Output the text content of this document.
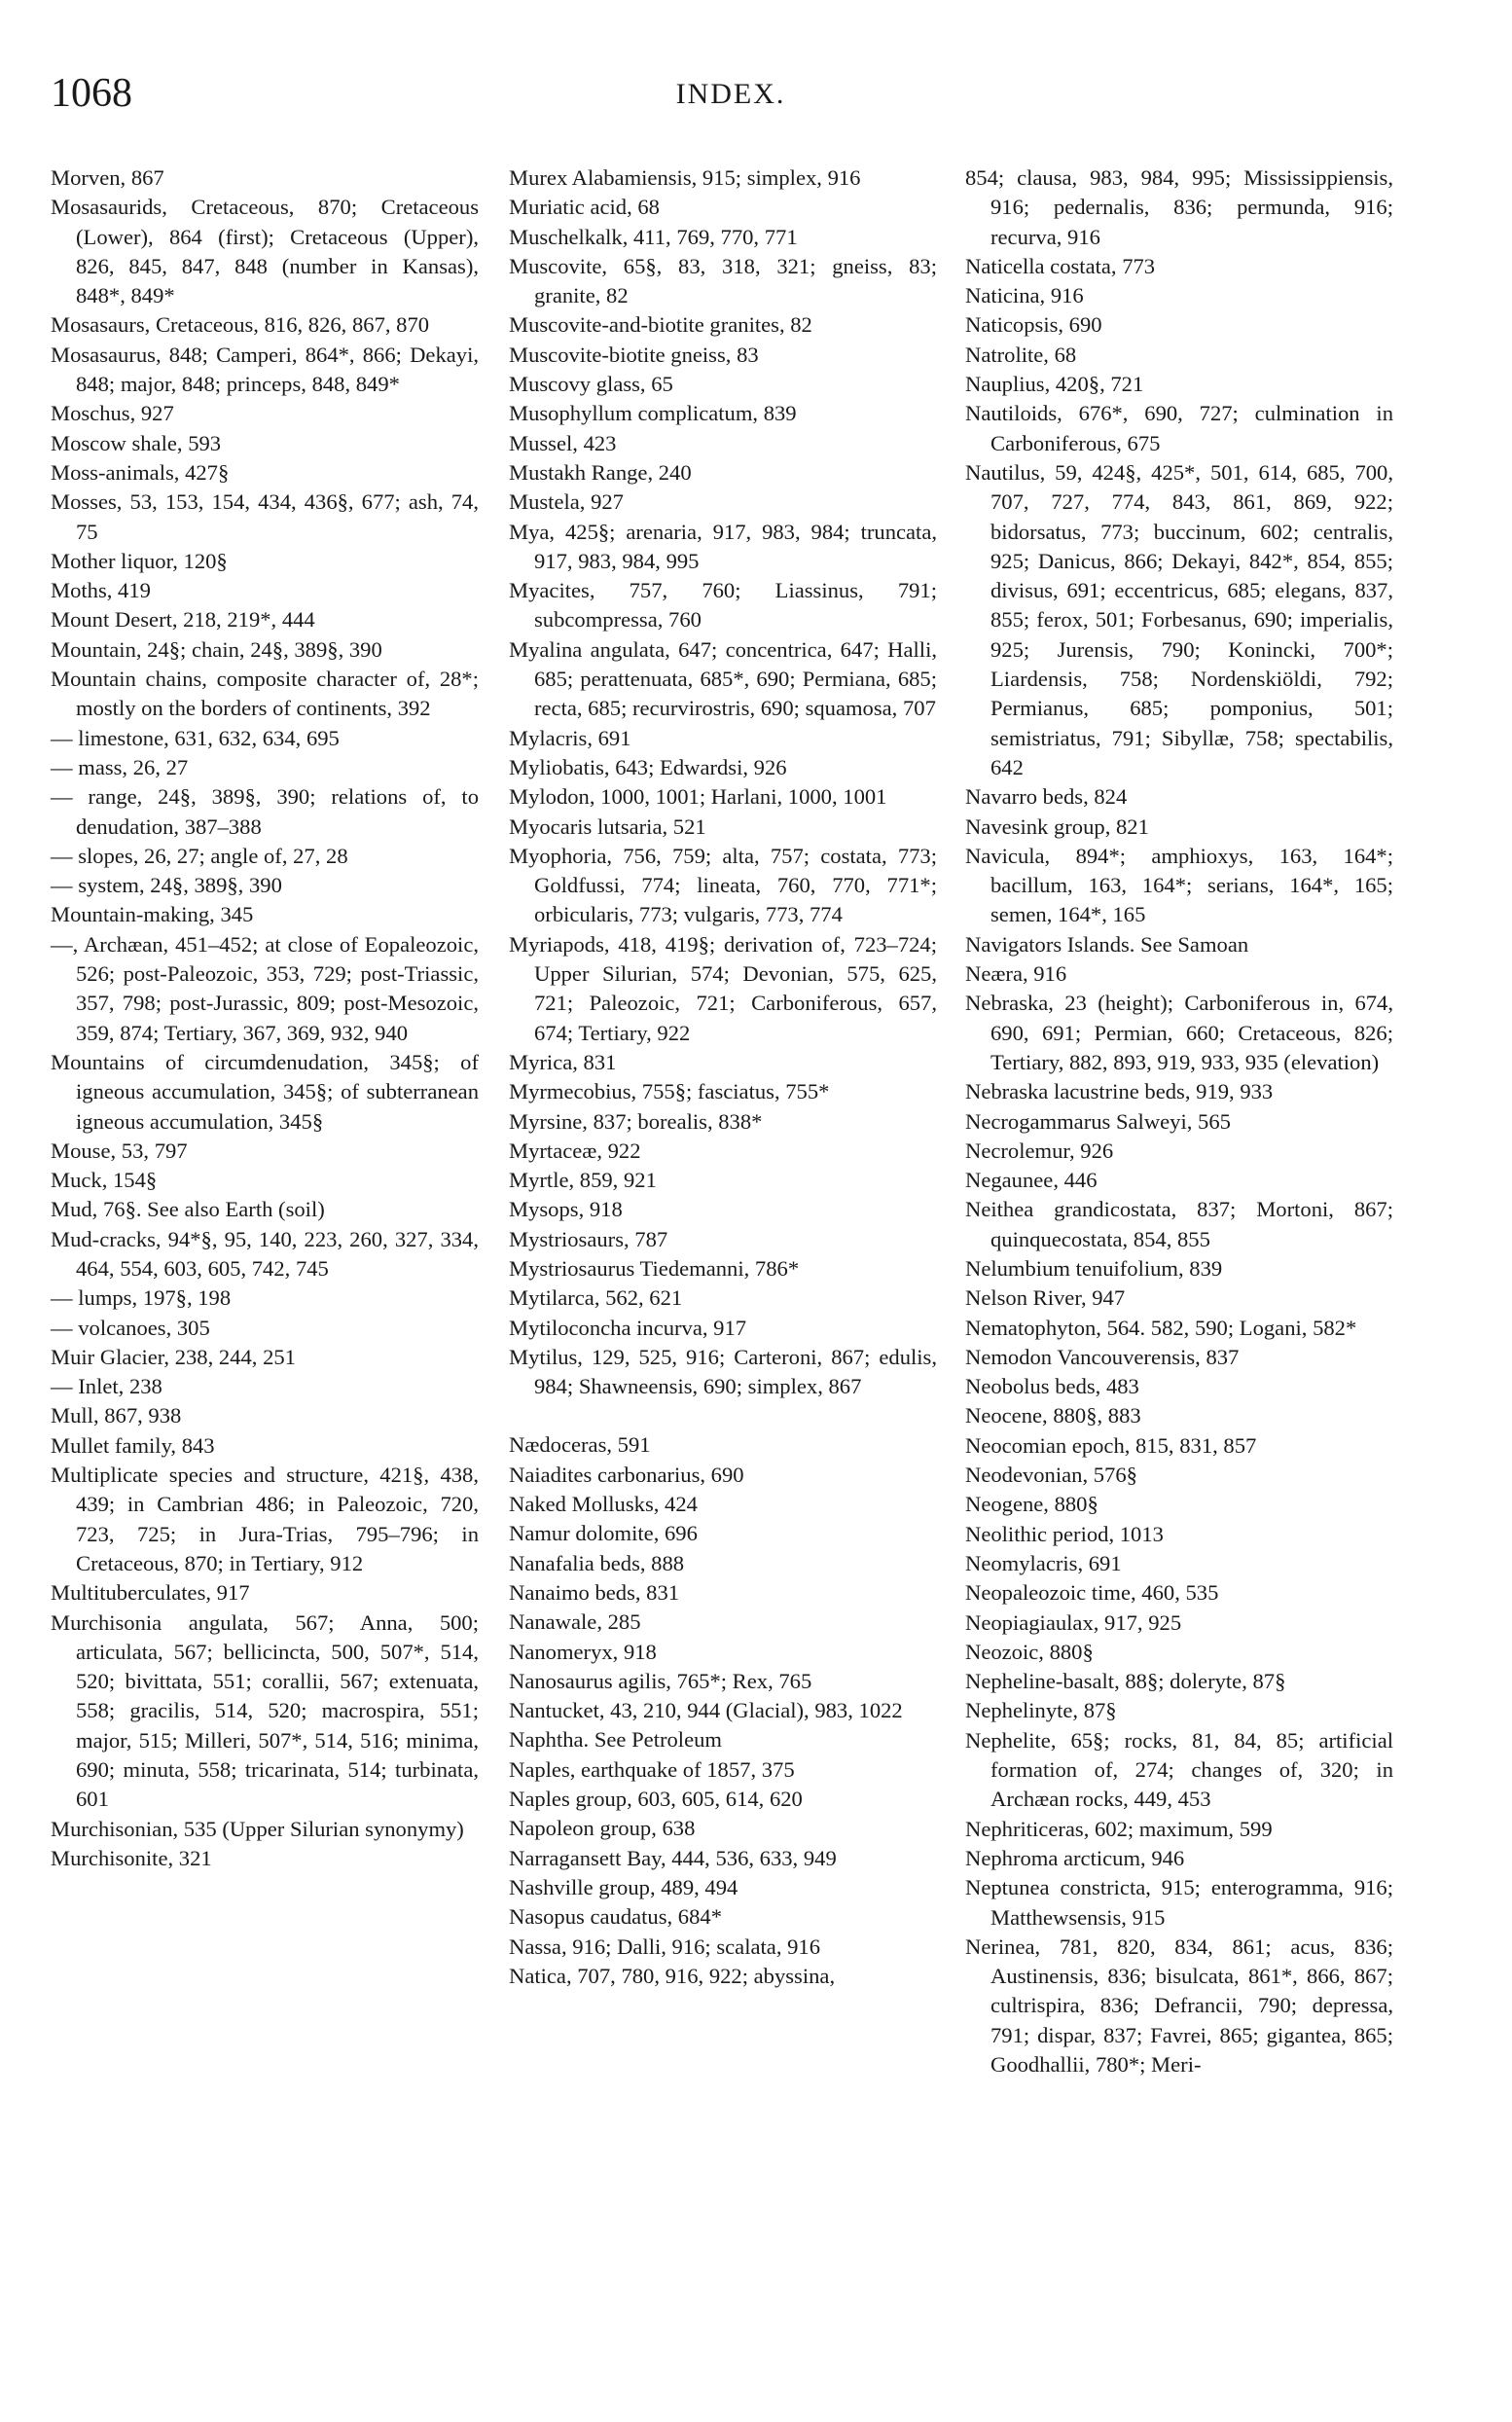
1068	INDEX.
Morven, 867
Mosasaurids, Cretaceous, 870; Cretaceous (Lower), 864 (first); Cretaceous (Upper), 826, 845, 847, 848 (number in Kansas), 848*, 849*
Mosasaurs, Cretaceous, 816, 826, 867, 870
Mosasaurus, 848; Camperi, 864*, 866; Dekayi, 848; major, 848; princeps, 848, 849*
Moschus, 927
Moscow shale, 593
Moss-animals, 427§
Mosses, 53, 153, 154, 434, 436§, 677; ash, 74, 75
Mother liquor, 120§
Moths, 419
Mount Desert, 218, 219*, 444
Mountain, 24§; chain, 24§, 389§, 390
Mountain chains, composite character of, 28*; mostly on the borders of continents, 392
— limestone, 631, 632, 634, 695
— mass, 26, 27
— range, 24§, 389§, 390; relations of, to denudation, 387–388
— slopes, 26, 27; angle of, 27, 28
— system, 24§, 389§, 390
Mountain-making, 345
—, Archæan, 451–452; at close of Eopaleozoic, 526; post-Paleozoic, 353, 729; post-Triassic, 357, 798; post-Jurassic, 809; post-Mesozoic, 359, 874; Tertiary, 367, 369, 932, 940
Mountains of circumdenudation, 345§; of igneous accumulation, 345§; of subterranean igneous accumulation, 345§
Mouse, 53, 797
Muck, 154§
Mud, 76§. See also Earth (soil)
Mud-cracks, 94*§, 95, 140, 223, 260, 327, 334, 464, 554, 603, 605, 742, 745
— lumps, 197§, 198
— volcanoes, 305
Muir Glacier, 238, 244, 251
— Inlet, 238
Mull, 867, 938
Mullet family, 843
Multiplicate species and structure, 421§, 438, 439; in Cambrian 486; in Paleozoic, 720, 723, 725; in Jura-Trias, 795–796; in Cretaceous, 870; in Tertiary, 912
Multituberculates, 917
Murchisonia angulata, 567; Anna, 500; articulata, 567; bellicincta, 500, 507*, 514, 520; bivittata, 551; corallii, 567; extenuata, 558; gracilis, 514, 520; macrospira, 551; major, 515; Milleri, 507*, 514, 516; minima, 690; minuta, 558; tricarinata, 514; turbinata, 601
Murchisonian, 535 (Upper Silurian synonymy)
Murchisonite, 321
Murex Alabamiensis, 915; simplex, 916
Muriatic acid, 68
Muschelkalk, 411, 769, 770, 771
Muscovite, 65§, 83, 318, 321; gneiss, 83; granite, 82
Muscovite-and-biotite granites, 82
Muscovite-biotite gneiss, 83
Muscovy glass, 65
Musophyllum complicatum, 839
Mussel, 423
Mustakh Range, 240
Mustela, 927
Mya, 425§; arenaria, 917, 983, 984; truncata, 917, 983, 984, 995
Myacites, 757, 760; Liassinus, 791; subcompressa, 760
Myalina angulata, 647; concentrica, 647; Halli, 685; perattenuata, 685*, 690; Permiana, 685; recta, 685; recurvirostris, 690; squamosa, 707
Mylacris, 691
Myliobatis, 643; Edwardsi, 926
Mylodon, 1000, 1001; Harlani, 1000, 1001
Myocaris lutsaria, 521
Myophoria, 756, 759; alta, 757; costata, 773; Goldfussi, 774; lineata, 760, 770, 771*; orbicularis, 773; vulgaris, 773, 774
Myriapods, 418, 419§; derivation of, 723–724; Upper Silurian, 574; Devonian, 575, 625, 721; Paleozoic, 721; Carboniferous, 657, 674; Tertiary, 922
Myrica, 831
Myrmecobius, 755§; fasciatus, 755*
Myrsine, 837; borealis, 838*
Myrtaceæ, 922
Myrtle, 859, 921
Mysops, 918
Mystriosaurs, 787
Mystriosaurus Tiedemanni, 786*
Mytilarca, 562, 621
Mytiloconcha incurva, 917
Mytilus, 129, 525, 916; Carteroni, 867; edulis, 984; Shawneensis, 690; simplex, 867
Nædoceras, 591
Naiadites carbonarius, 690
Naked Mollusks, 424
Namur dolomite, 696
Nanafalia beds, 888
Nanaimo beds, 831
Nanawale, 285
Nanomeryx, 918
Nanosaurus agilis, 765*; Rex, 765
Nantucket, 43, 210, 944 (Glacial), 983, 1022
Naphtha. See Petroleum
Naples, earthquake of 1857, 375
Naples group, 603, 605, 614, 620
Napoleon group, 638
Narragansett Bay, 444, 536, 633, 949
Nashville group, 489, 494
Nasopus caudatus, 684*
Nassa, 916; Dalli, 916; scalata, 916
Natica, 707, 780, 916, 922; abyssina,
854; clausa, 983, 984, 995; Mississippiensis, 916; pedernalis, 836; permunda, 916; recurva, 916
Naticella costata, 773
Naticina, 916
Naticopsis, 690
Natrolite, 68
Nauplius, 420§, 721
Nautiloids, 676*, 690, 727; culmination in Carboniferous, 675
Nautilus, 59, 424§, 425*, 501, 614, 685, 700, 707, 727, 774, 843, 861, 869, 922; bidorsatus, 773; buccinum, 602; centralis, 925; Danicus, 866; Dekayi, 842*, 854, 855; divisus, 691; eccentricus, 685; elegans, 837, 855; ferox, 501; Forbesanus, 690; imperialis, 925; Jurensis, 790; Konincki, 700*; Liardensis, 758; Nordenskiöldi, 792; Permianus, 685; pomponius, 501; semistriatus, 791; Sibyllæ, 758; spectabilis, 642
Navarro beds, 824
Navesink group, 821
Navicula, 894*; amphioxys, 163, 164*; bacillum, 163, 164*; serians, 164*, 165; semen, 164*, 165
Navigators Islands. See Samoan
Neæra, 916
Nebraska, 23 (height); Carboniferous in, 674, 690, 691; Permian, 660; Cretaceous, 826; Tertiary, 882, 893, 919, 933, 935 (elevation)
Nebraska lacustrine beds, 919, 933
Necrogammarus Salweyi, 565
Necrolemur, 926
Negaunee, 446
Neithea grandicostata, 837; Mortoni, 867; quinquecostata, 854, 855
Nelumbium tenuifolium, 839
Nelson River, 947
Nematophyton, 564. 582, 590; Logani, 582*
Nemodon Vancouverensis, 837
Neobolus beds, 483
Neocene, 880§, 883
Neocomian epoch, 815, 831, 857
Neodevonian, 576§
Neogene, 880§
Neolithic period, 1013
Neomylacris, 691
Neopaleozoic time, 460, 535
Neopiagiaulax, 917, 925
Neozoic, 880§
Nepheline-basalt, 88§; doleryte, 87§
Nephelinyte, 87§
Nephelite, 65§; rocks, 81, 84, 85; artificial formation of, 274; changes of, 320; in Archæan rocks, 449, 453
Nephriticeras, 602; maximum, 599
Nephroma arcticum, 946
Neptunea constricta, 915; enterogramma, 916; Matthewsensis, 915
Nerinea, 781, 820, 834, 861; acus, 836; Austinensis, 836; bisulcata, 861*, 866, 867; cultrispira, 836; Defrancii, 790; depressa, 791; dispar, 837; Favrei, 865; gigantea, 865; Goodhallii, 780*; Meri-
